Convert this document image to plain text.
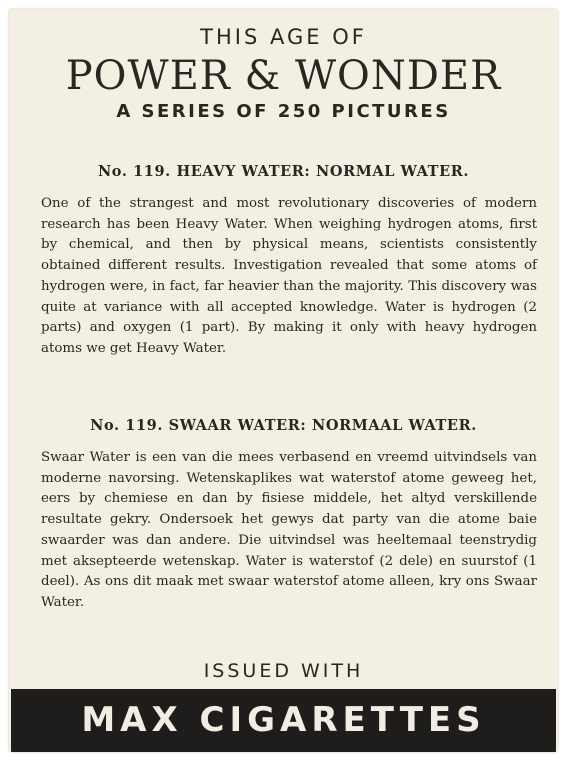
THIS AGE OF
POWER & WONDER
A SERIES OF 250 PICTURES
No. 119. HEAVY WATER: NORMAL WATER.
One of the strangest and most revolutionary discoveries of modern research has been Heavy Water. When weighing hydrogen atoms, first by chemical, and then by physical means, scientists consistently obtained different results. Investigation revealed that some atoms of hydrogen were, in fact, far heavier than the majority. This discovery was quite at variance with all accepted knowledge. Water is hydrogen (2 parts) and oxygen (1 part). By making it only with heavy hydrogen atoms we get Heavy Water.
No. 119. SWAAR WATER: NORMAAL WATER.
Swaar Water is een van die mees verbasend en vreemd uitvindsels van moderne navorsing. Wetenskaplikes wat waterstof atome geweeg het, eers by chemiese en dan by fisiese middele, het altyd verskillende resultate gekry. Ondersoek het gewys dat party van die atome baie swaarder was dan andere. Die uitvindsel was heeltemaal teenstrydig met aksepteerde wetenskap. Water is waterstof (2 dele) en suurstof (1 deel). As ons dit maak met swaar waterstof atome alleen, kry ons Swaar Water.
ISSUED WITH
MAX CIGARETTES
